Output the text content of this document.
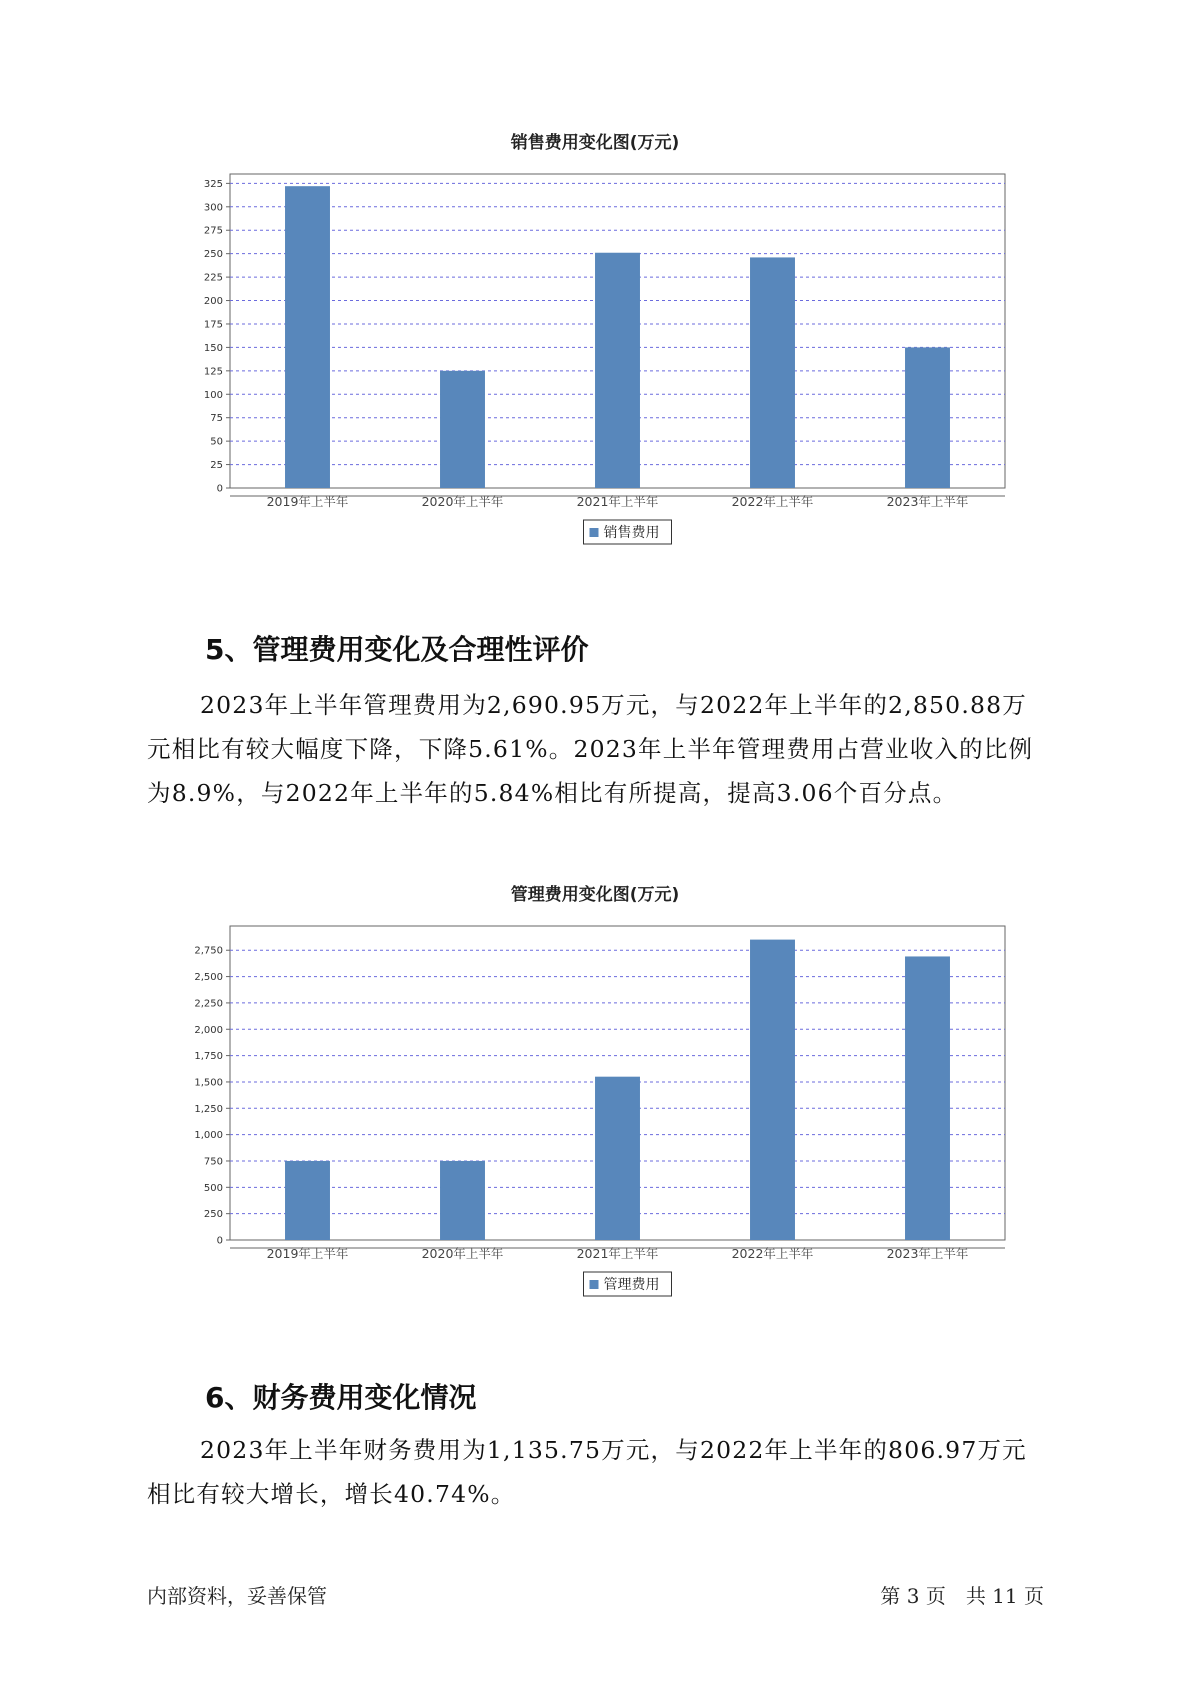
销售费用变化图(万元)
0
25
50
75
100
125
150
175
200
225
250
275
300
325
2019年上半年	2020年上半年	2021年上半年	2022年上半年	2023年上半年
销售费用
5、管理费用变化及合理性评价

2023年上半年管理费用为2,690.95万元，与2022年上半年的2,850.88万元相比有较大幅度下降，下降5.61%。2023年上半年管理费用占营业收入的比例为8.9%，与2022年上半年的5.84%相比有所提高，提高3.06个百分点。

管理费用变化图(万元)
0
250
500
750
1,000
1,250
1,500
1,750
2,000
2,250
2,500
2,750
2019年上半年	2020年上半年	2021年上半年	2022年上半年	2023年上半年
管理费用
6、财务费用变化情况

2023年上半年财务费用为1,135.75万元，与2022年上半年的806.97万元相比有较大增长，增长40.74%。

内部资料，妥善保管	第 3 页　共 11 页
